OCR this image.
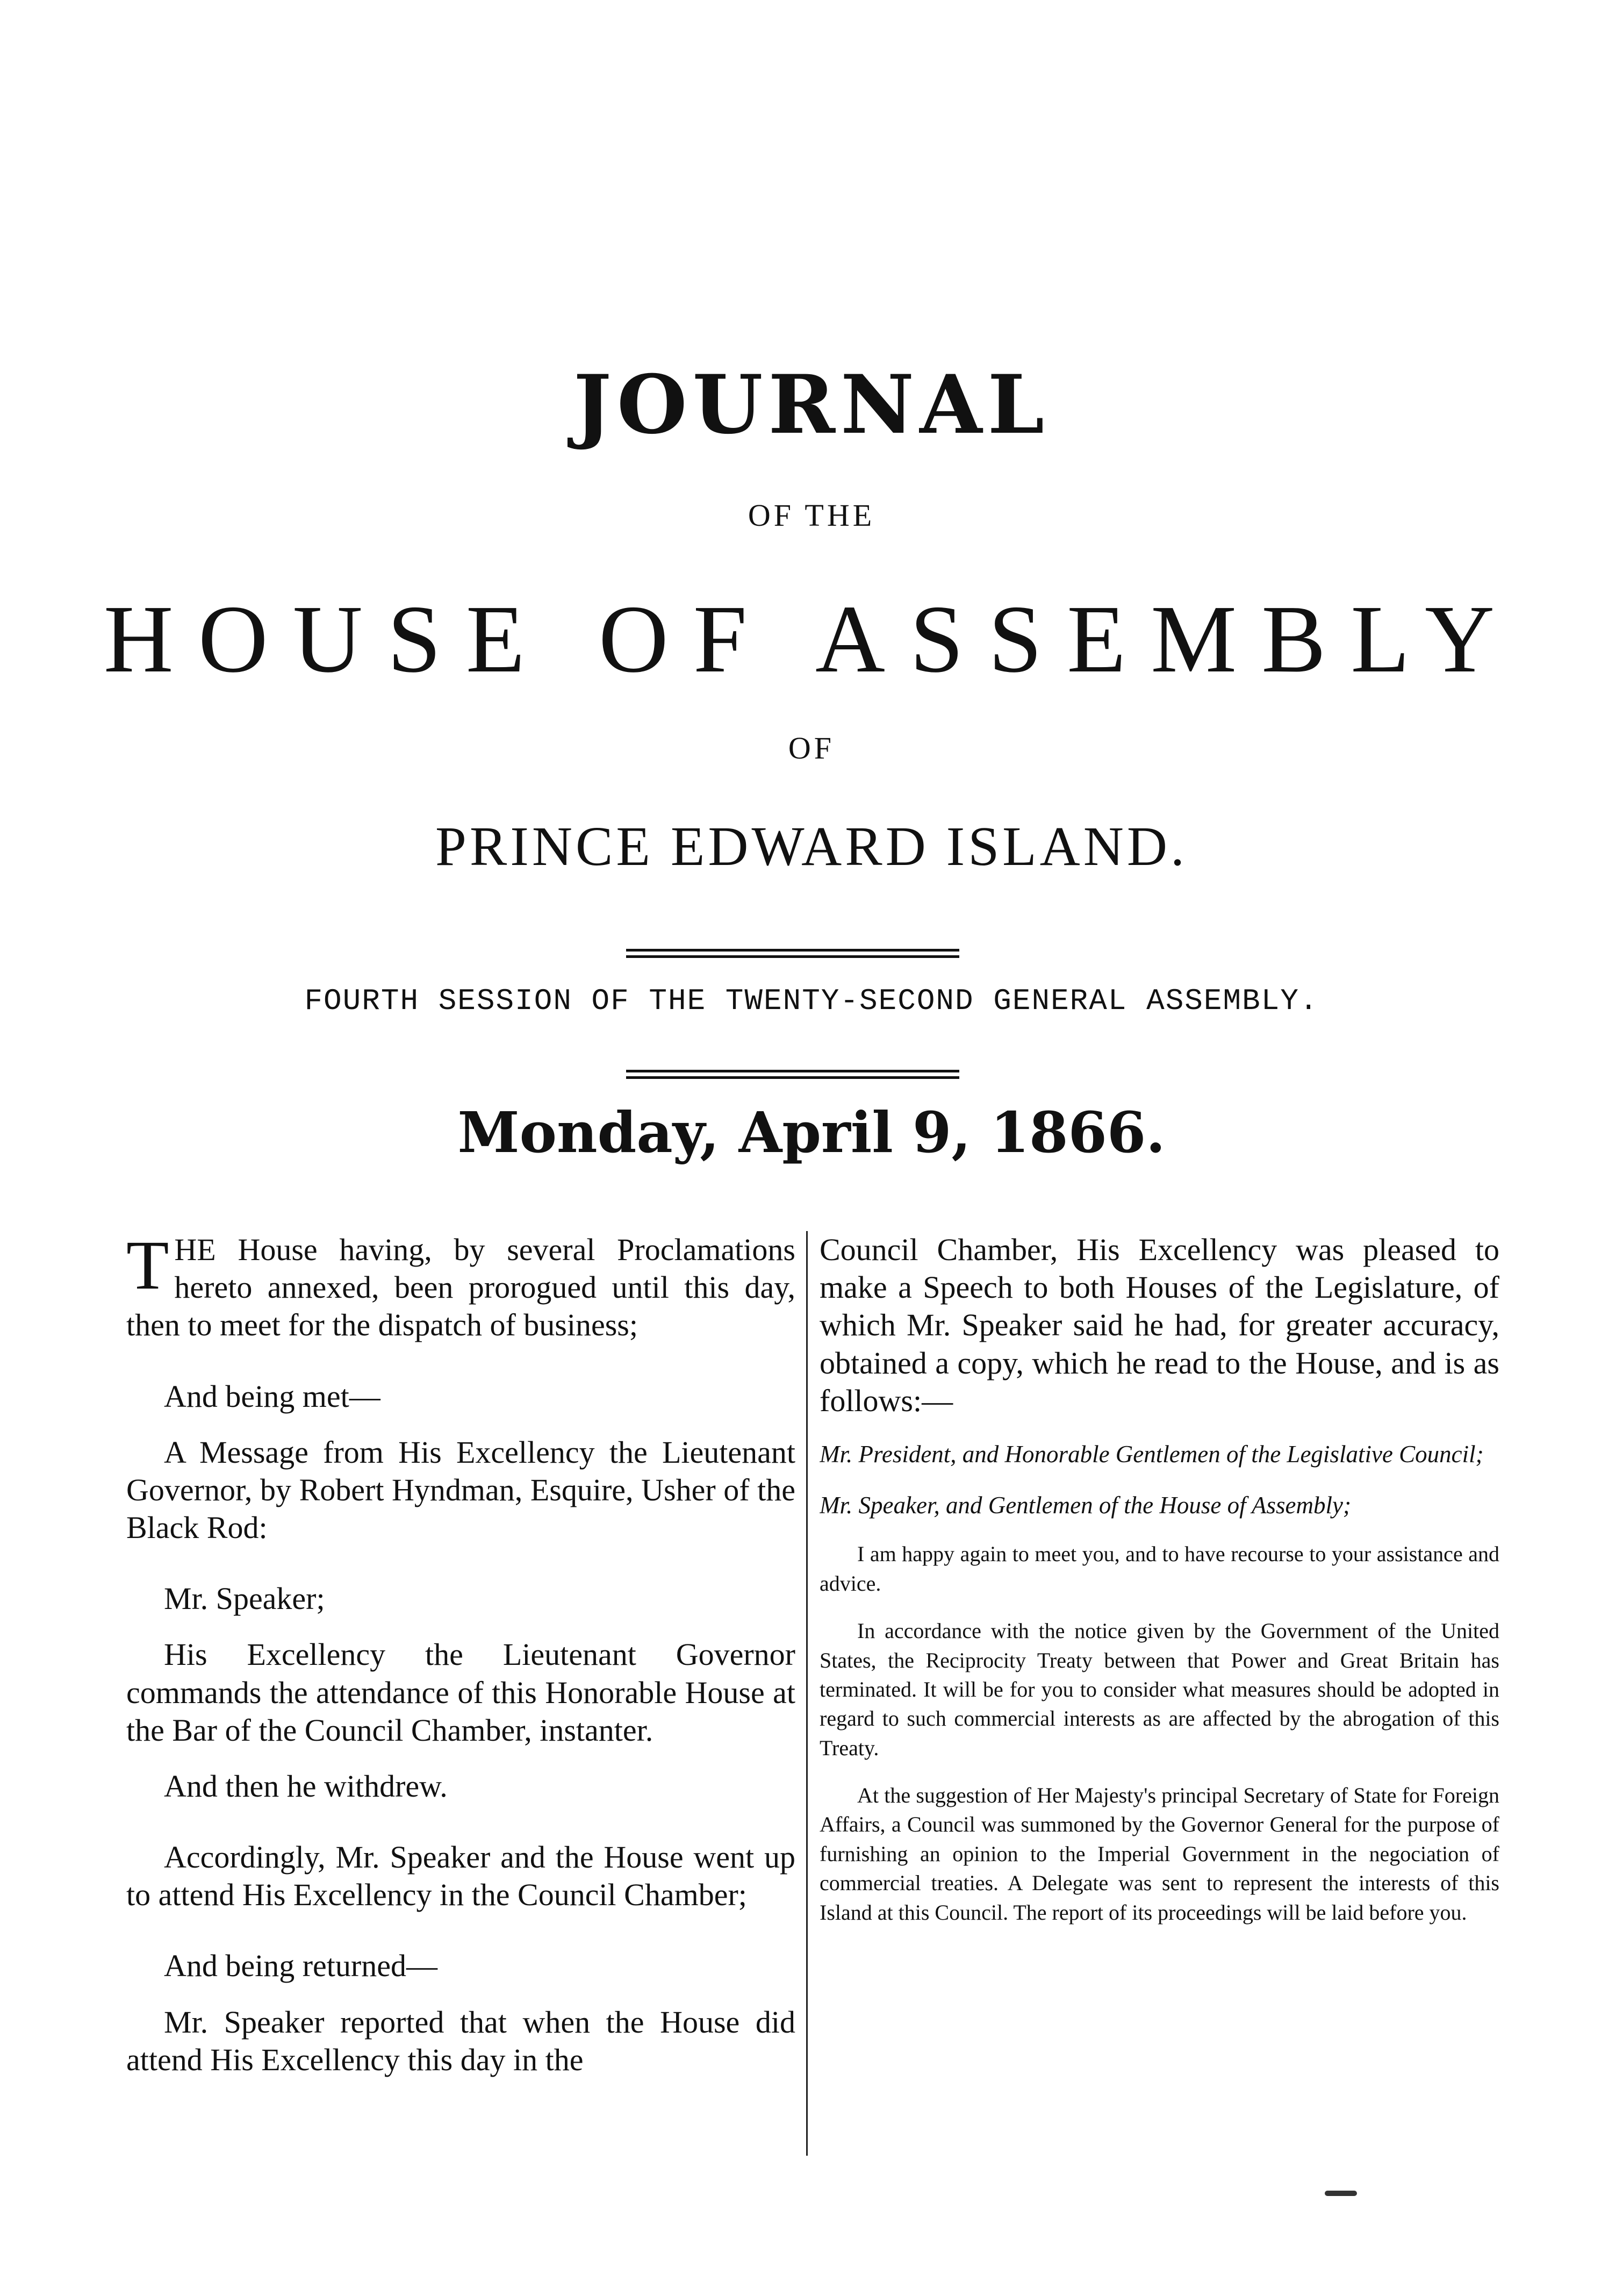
JOURNAL
OF THE
HOUSE OF ASSEMBLY
OF
PRINCE EDWARD ISLAND.
FOURTH SESSION OF THE TWENTY-SECOND GENERAL ASSEMBLY.
Monday, April 9, 1866.

THE House having, by several Proclamations hereto annexed, been prorogued until this day, then to meet for the dispatch of business;

And being met—

A Message from His Excellency the Lieutenant Governor, by Robert Hyndman, Esquire, Usher of the Black Rod:

Mr. Speaker;

His Excellency the Lieutenant Governor commands the attendance of this Honorable House at the Bar of the Council Chamber, instanter.

And then he withdrew.

Accordingly, Mr. Speaker and the House went up to attend His Excellency in the Council Chamber;

And being returned—

Mr. Speaker reported that when the House did attend His Excellency this day in the

Council Chamber, His Excellency was pleased to make a Speech to both Houses of the Legislature, of which Mr. Speaker said he had, for greater accuracy, obtained a copy, which he read to the House, and is as follows:—

Mr. President, and Honorable Gentlemen of the Legislative Council;

Mr. Speaker, and Gentlemen of the House of Assembly;

I am happy again to meet you, and to have recourse to your assistance and advice.

In accordance with the notice given by the Government of the United States, the Reciprocity Treaty between that Power and Great Britain has terminated. It will be for you to consider what measures should be adopted in regard to such commercial interests as are affected by the abrogation of this Treaty.

At the suggestion of Her Majesty's principal Secretary of State for Foreign Affairs, a Council was summoned by the Governor General for the purpose of furnishing an opinion to the Imperial Government in the negociation of commercial treaties. A Delegate was sent to represent the interests of this Island at this Council. The report of its proceedings will be laid before you.
